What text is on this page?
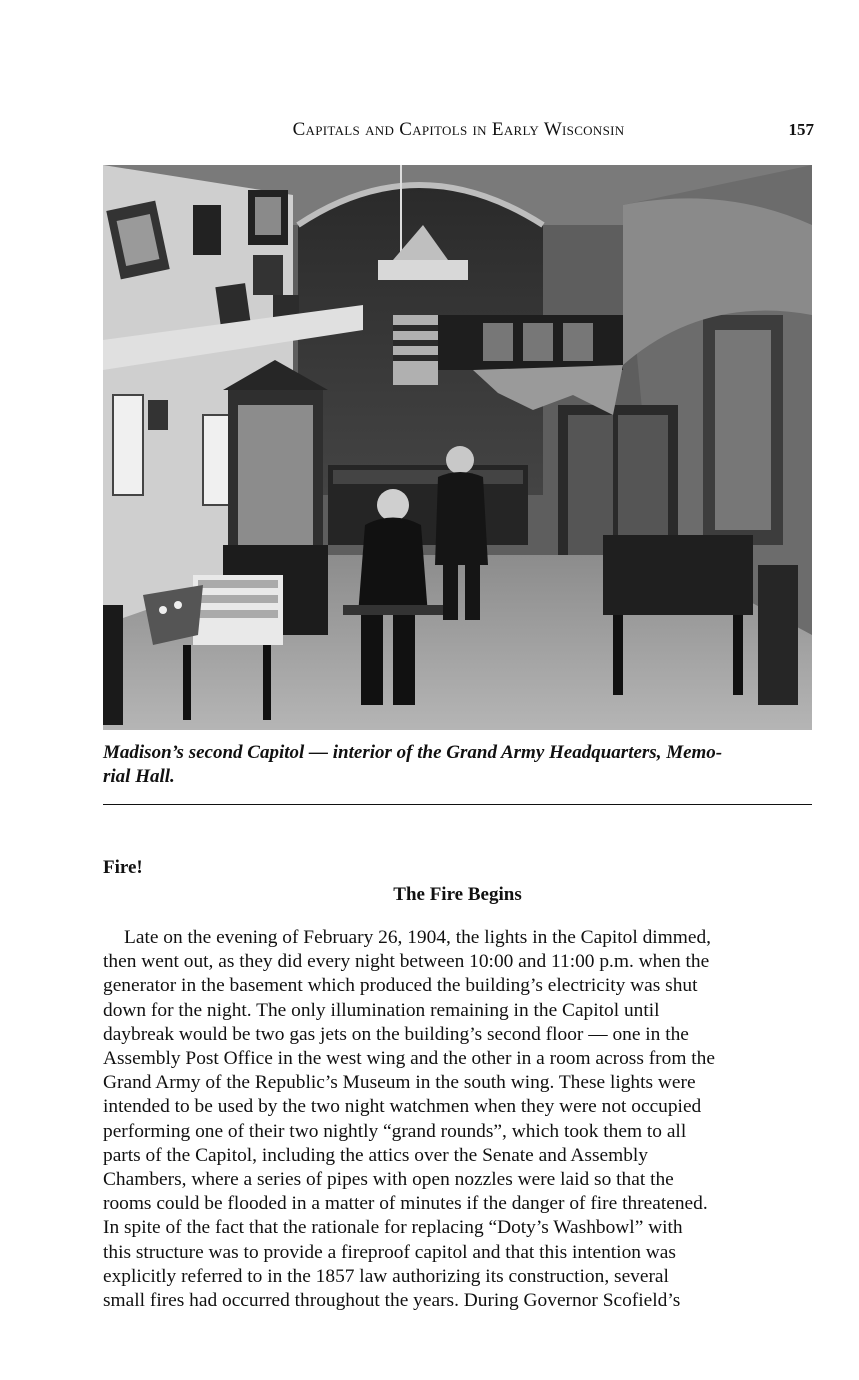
Capitals and Capitols in Early Wisconsin	157
Madison’s second Capitol — interior of the Grand Army Headquarters, Memo-
rial Hall.
Fire!
The Fire Begins
Late on the evening of February 26, 1904, the lights in the Capitol dimmed,
then went out, as they did every night between 10:00 and 11:00 p.m. when the
generator in the basement which produced the building’s electricity was shut
down for the night. The only illumination remaining in the Capitol until
daybreak would be two gas jets on the building’s second floor — one in the
Assembly Post Office in the west wing and the other in a room across from the
Grand Army of the Republic’s Museum in the south wing. These lights were
intended to be used by the two night watchmen when they were not occupied
performing one of their two nightly “grand rounds”, which took them to all
parts of the Capitol, including the attics over the Senate and Assembly
Chambers, where a series of pipes with open nozzles were laid so that the
rooms could be flooded in a matter of minutes if the danger of fire threatened.
In spite of the fact that the rationale for replacing “Doty’s Washbowl” with
this structure was to provide a fireproof capitol and that this intention was
explicitly referred to in the 1857 law authorizing its construction, several
small fires had occurred throughout the years. During Governor Scofield’s
